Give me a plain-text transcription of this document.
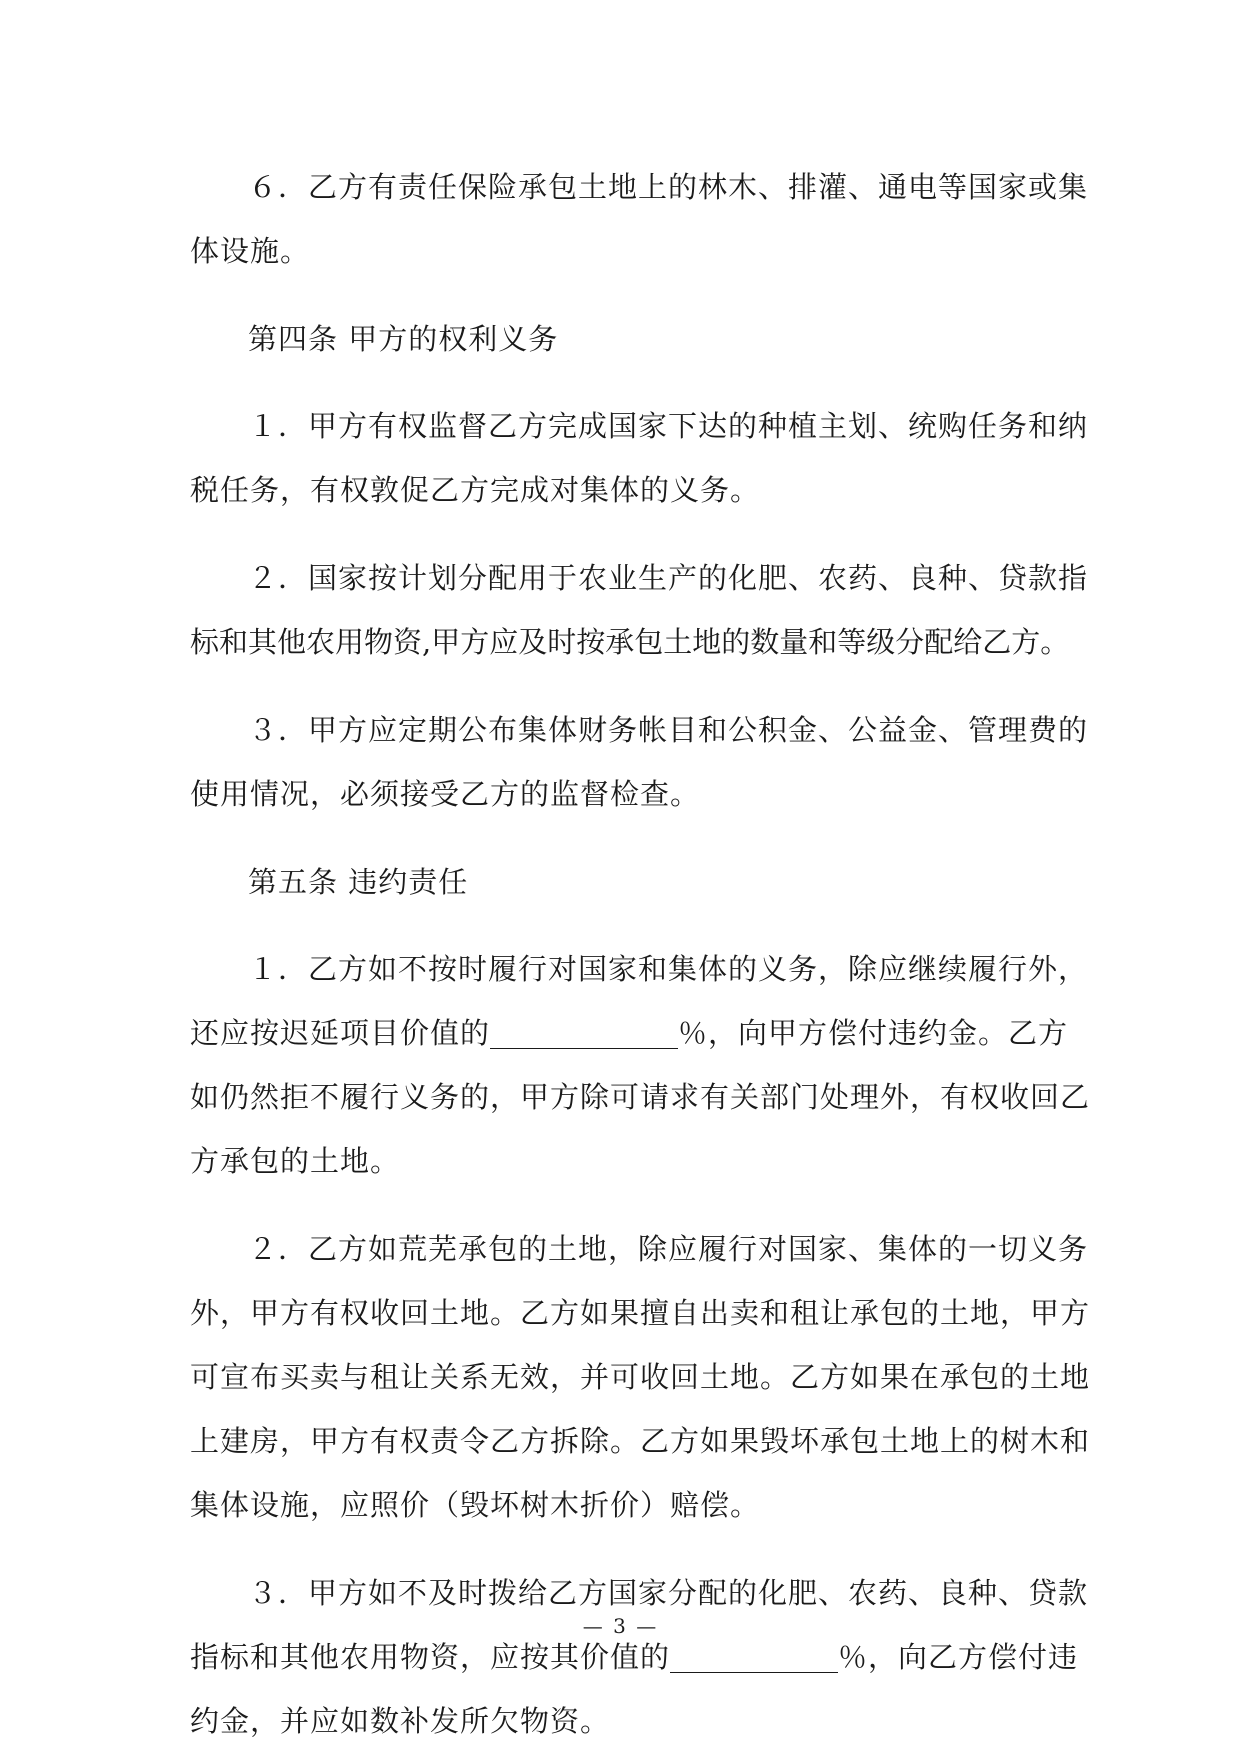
６．乙方有责任保险承包土地上的林木、排灌、通电等国家或集
体设施。
第四条 甲方的权利义务
１．甲方有权监督乙方完成国家下达的种植主划、统购任务和纳
税任务，有权敦促乙方完成对集体的义务。
２．国家按计划分配用于农业生产的化肥、农药、良种、贷款指
标和其他农用物资,甲方应及时按承包土地的数量和等级分配给乙方。
３．甲方应定期公布集体财务帐目和公积金、公益金、管理费的
使用情况，必须接受乙方的监督检查。
第五条 违约责任
１．乙方如不按时履行对国家和集体的义务，除应继续履行外，
还应按迟延项目价值的	％，向甲方偿付违约金。乙方
如仍然拒不履行义务的，甲方除可请求有关部门处理外，有权收回乙
方承包的土地。
２．乙方如荒芜承包的土地，除应履行对国家、集体的一切义务
外，甲方有权收回土地。乙方如果擅自出卖和租让承包的土地，甲方
可宣布买卖与租让关系无效，并可收回土地。乙方如果在承包的土地
上建房，甲方有权责令乙方拆除。乙方如果毁坏承包土地上的树木和
集体设施，应照价（毁坏树木折价）赔偿。
３．甲方如不及时拨给乙方国家分配的化肥、农药、良种、贷款
指标和其他农用物资，应按其价值的	％，向乙方偿付违
约金，并应如数补发所欠物资。
— 3 —
